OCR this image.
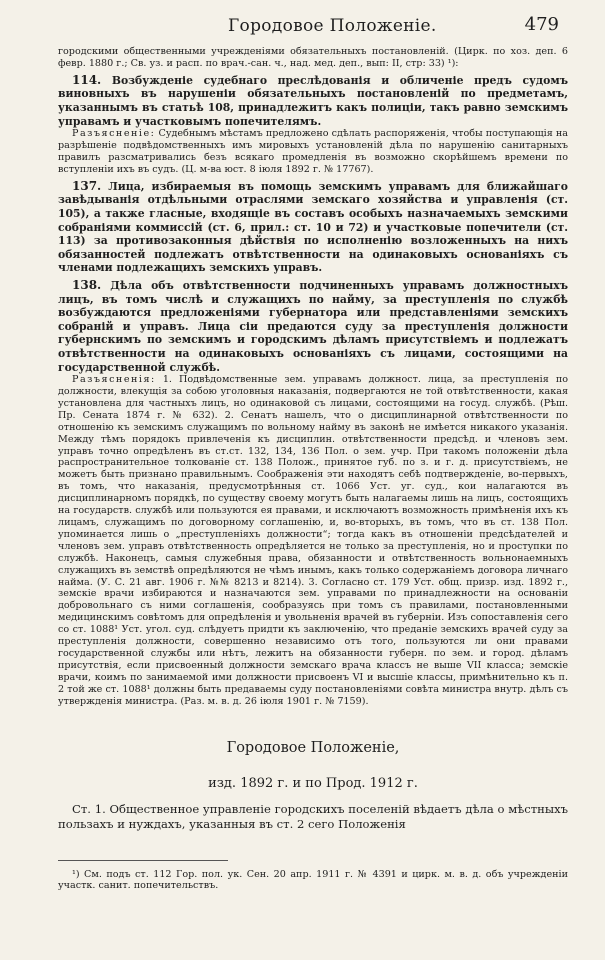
Городовое Положеніе.	479

городскими общественными учрежденіями обязательныхъ постановленій. (Цирк. по хоз. деп. 6 февр. 1880 г.; Св. уз. и расп. по врач.-сан. ч., над. мед. деп., вып: II, стр: 33) ¹):

114. Возбужденіе судебнаго преслѣдованія и обличеніе предъ судомъ виновныхъ въ нарушеніи обязательныхъ постановленій по предметамъ, указаннымъ въ статьѣ 108, принадлежитъ какъ полиціи, такъ равно земскимъ управамъ и участковымъ попечителямъ.

Разъясненіе: Судебнымъ мѣстамъ предложено сдѣлать распоряженія, чтобы поступающія на разрѣшеніе подвѣдомственныхъ имъ мировыхъ установленій дѣла по нарушенію санитарныхъ правилъ разсматривались безъ всякаго промедленія въ возможно скорѣйшемъ времени по вступленіи ихъ въ судъ. (Ц. м-ва юст. 8 іюля 1892 г. № 17767).

137. Лица, избираемыя въ помощь земскимъ управамъ для ближайшаго завѣдыванія отдѣльными отраслями земскаго хозяйства и управленія (ст. 105), а также гласные, входящіе въ составъ особыхъ назначаемыхъ земскими собраніями коммиссій (ст. 6, прил.: ст. 10 и 72) и участковые попечители (ст. 113) за противозаконныя дѣйствія по исполненію возложенныхъ на нихъ обязанностей подлежатъ отвѣтственности на одинаковыхъ основаніяхъ съ членами подлежащихъ земскихъ управъ.

138. Дѣла объ отвѣтственности подчиненныхъ управамъ должностныхъ лицъ, въ томъ числѣ и служащихъ по найму, за преступленія по службѣ возбуждаются предложеніями губернатора или представленіями земскихъ собраній и управъ. Лица сіи предаются суду за преступленія должности губернскимъ по земскимъ и городскимъ дѣламъ присутствіемъ и подлежатъ отвѣтственности на одинаковыхъ основаніяхъ съ лицами, состоящими на государственной службѣ.

Разъясненія: 1. Подвѣдомственные зем. управамъ должност. лица, за преступленія по должности, влекущія за собою уголовныя наказанія, подвергаются не той отвѣтственности, какая установлена для частныхъ лицъ, но одинаковой съ лицами, состоящими на госуд. службѣ. (Рѣш. Пр. Сената 1874 г. № 632). 2. Сенатъ нашелъ, что о дисциплинарной отвѣтственности по отношенію къ земскимъ служащимъ по вольному найму въ законѣ не имѣется никакого указанія. Между тѣмъ порядокъ привлеченія къ дисциплин. отвѣтственности предсѣд. и членовъ зем. управъ точно опредѣленъ въ ст.ст. 132, 134, 136 Пол. о зем. учр. При такомъ положеніи дѣла распространительное толкованіе ст. 138 Полож., принятое губ. по з. и г. д. присутствіемъ, не можетъ быть признано правильнымъ. Соображенія эти находятъ себѣ подтвержденіе, во-первыхъ, въ томъ, что наказанія, предусмотрѣнныя ст. 1066 Уст. уг. суд., кои налагаются въ дисциплинарномъ порядкѣ, по существу своему могутъ быть налагаемы лишь на лицъ, состоящихъ на государств. службѣ или пользуются ея правами, и исключаютъ возможность примѣненія ихъ къ лицамъ, служащимъ по договорному соглашенію, и, во-вторыхъ, въ томъ, что въ ст. 138 Пол. упоминается лишь о „преступленіяхъ должности“; тогда какъ въ отношеніи предсѣдателей и членовъ зем. управъ отвѣтственность опредѣляется не только за преступленія, но и проступки по службѣ. Наконецъ, самыя служебныя права, обязанности и отвѣтственность вольнонаемныхъ служащихъ въ земствѣ опредѣляются не чѣмъ инымъ, какъ только содержаніемъ договора личнаго найма. (У. С. 21 авг. 1906 г. №№ 8213 и 8214). 3. Согласно ст. 179 Уст. общ. призр. изд. 1892 г., земскіе врачи избираются и назначаются зем. управами по принадлежности на основаніи добровольнаго съ ними соглашенія, сообразуясь при томъ съ правилами, постановленными медицинскимъ совѣтомъ для опредѣленія и увольненія врачей въ губерніи. Изъ сопоставленія сего со ст. 1088¹ Уст. угол. суд. слѣдуетъ придти къ заключенію, что преданіе земскихъ врачей суду за преступленія должности, совершенно независимо отъ того, пользуются ли они правами государственной службы или нѣтъ, лежитъ на обязанности губерн. по зем. и город. дѣламъ присутствія, если присвоенный должности земскаго врача классъ не выше VII класса; земскіе врачи, коимъ по занимаемой ими должности присвоенъ VI и высшіе классы, примѣнительно къ п. 2 той же ст. 1088¹ должны быть предаваемы суду постановленіями совѣта министра внутр. дѣлъ съ утвержденія министра. (Раз. м. в. д. 26 іюля 1901 г. № 7159).

Городовое Положеніе,
изд. 1892 г. и по Прод. 1912 г.

Ст. 1. Общественное управленіе городскихъ поселеній вѣдаетъ дѣла о мѣстныхъ пользахъ и нуждахъ, указанныя въ ст. 2 сего Положенія

¹) См. подъ ст. 112 Гор. пол. ук. Сен. 20 апр. 1911 г. № 4391 и цирк. м. в. д. объ учрежденіи участк. санит. попечительствъ.
